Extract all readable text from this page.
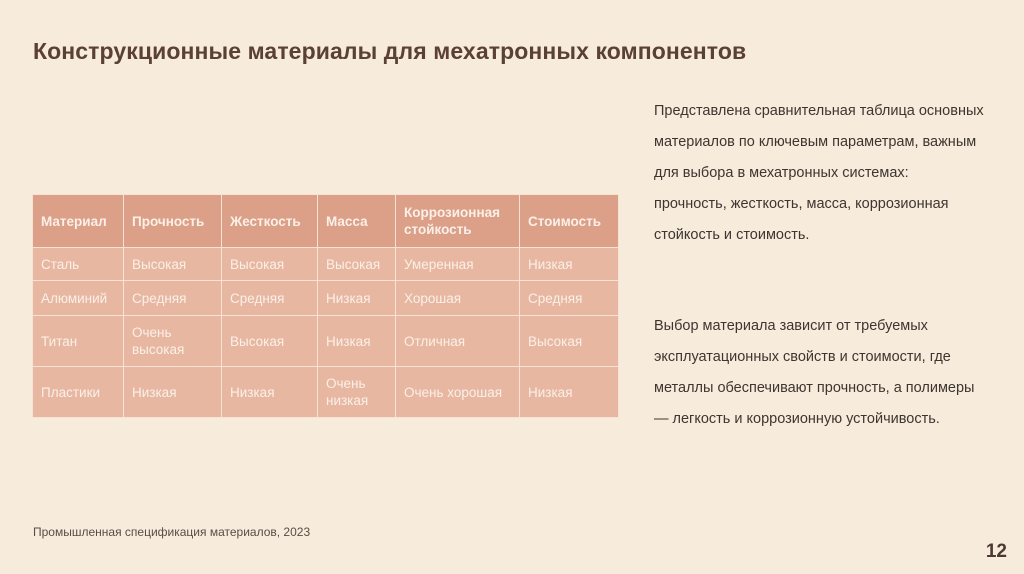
Конструкционные материалы для мехатронных компонентов
Материал	Прочность	Жесткость	Масса	Коррозионная стойкость	Стоимость
Сталь	Высокая	Высокая	Высокая	Умеренная	Низкая
Алюминий	Средняя	Средняя	Низкая	Хорошая	Средняя
Титан	Очень высокая	Высокая	Низкая	Отличная	Высокая
Пластики	Низкая	Низкая	Очень низкая	Очень хорошая	Низкая
Представлена сравнительная таблица основных материалов по ключевым параметрам, важным для выбора в мехатронных системах: прочность, жесткость, масса, коррозионная стойкость и стоимость.
Выбор материала зависит от требуемых эксплуатационных свойств и стоимости, где металлы обеспечивают прочность, а полимеры — легкость и коррозионную устойчивость.
Промышленная спецификация материалов, 2023
12
